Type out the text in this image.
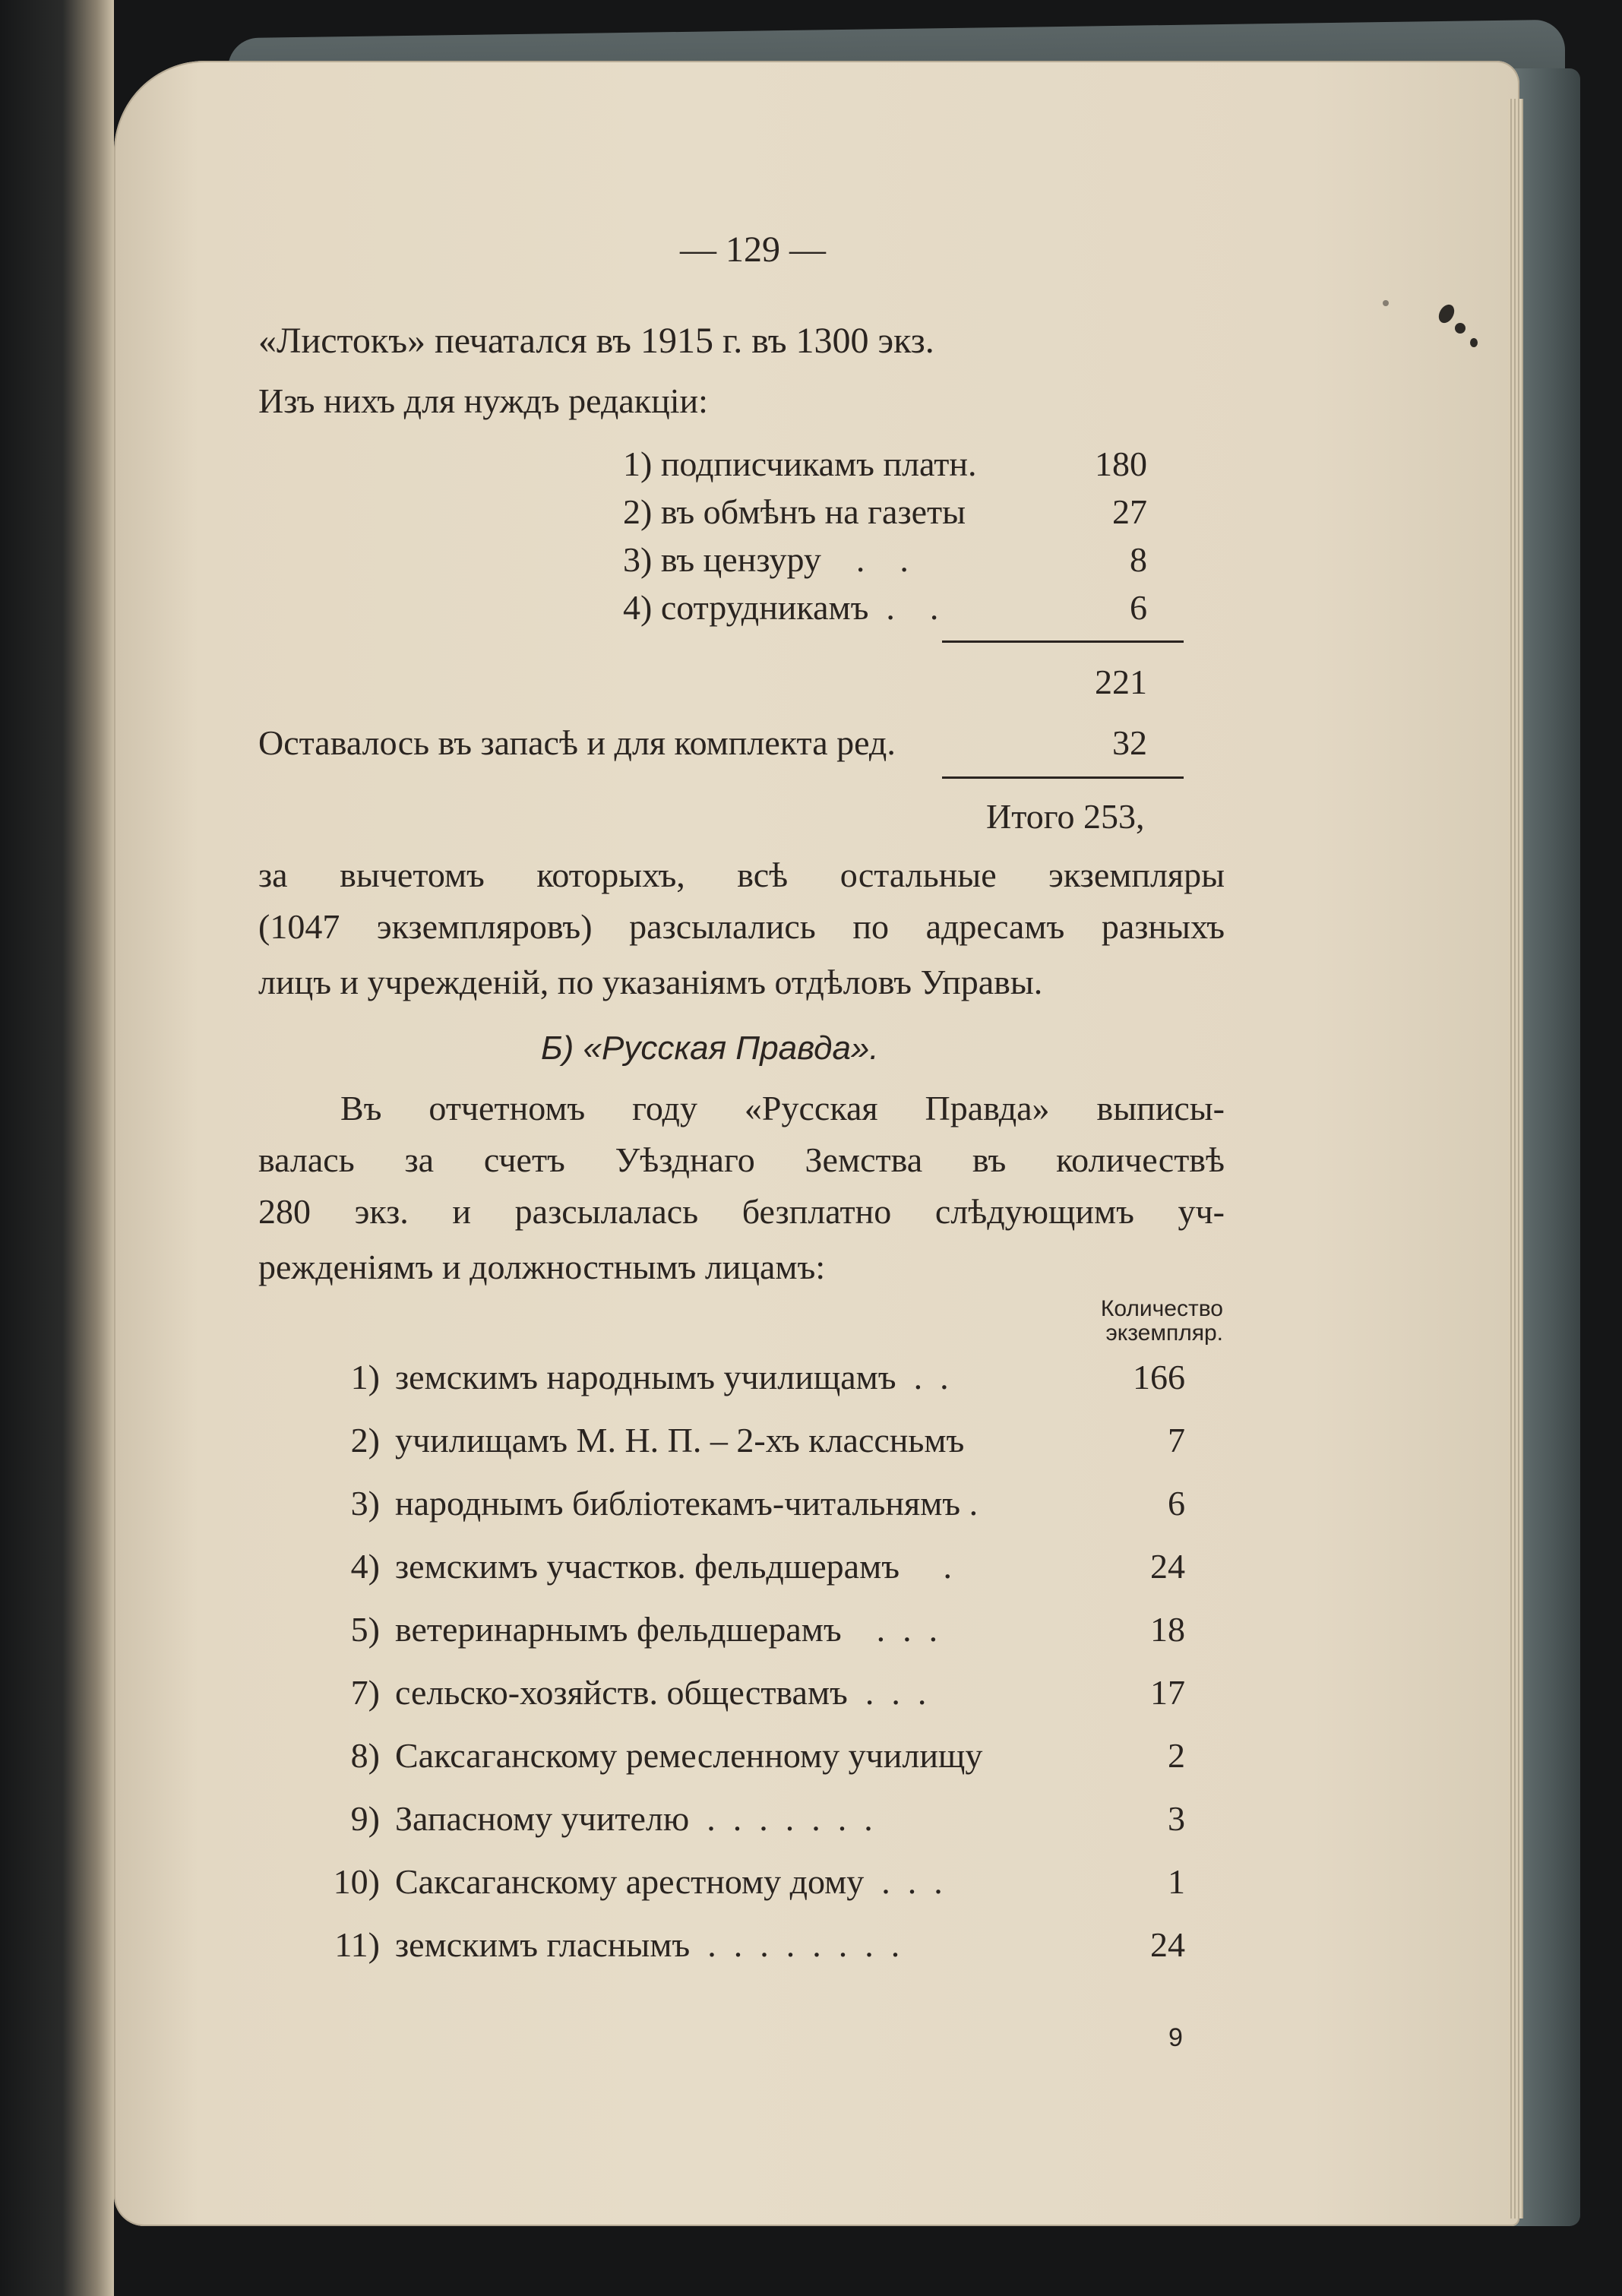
— 129 —
«Листокъ» печатался въ 1915 г. въ 1300 экз.
Изъ нихъ для нуждъ редакціи:
1) подписчикамъ платн.	180
2) въ обмѣнъ на газеты	27
3) въ цензуру    .    .	8
4) сотрудникамъ  .    .	6
221
Оставалось въ запасѣ и для комплекта ред.	32
Итого 253,
за вычетомъ которыхъ, всѣ остальные экземпляры
(1047 экземпляровъ) разсылались по адресамъ разныхъ
лицъ и учрежденій, по указаніямъ отдѣловъ Управы.
Б) «Русская Правда».
Въ отчетномъ году «Русская Правда» выписы-
валась за счетъ Уѣзднаго Земства въ количествѣ
280 экз. и разсылалась безплатно слѣдующимъ уч-
режденіямъ и должностнымъ лицамъ:
Количество
экземпляр.
1) земскимъ народнымъ училищамъ  .  .	166
2) училищамъ М. Н. П. – 2-хъ классньмъ	7
3) народнымъ библіотекамъ-читальнямъ .	6
4) земскимъ участков. фельдшерамъ     .	24
5) ветеринарнымъ фельдшерамъ    .  .  .	18
7) сельско-хозяйств. обществамъ  .  .  .	17
8) Саксаганскому ремесленному училищу	2
9) Запасному учителю  .  .  .  .  .  .  .	3
10) Саксаганскому арестному дому  .  .  .	1
11) земскимъ гласнымъ  .  .  .  .  .  .  .  .	24
9
